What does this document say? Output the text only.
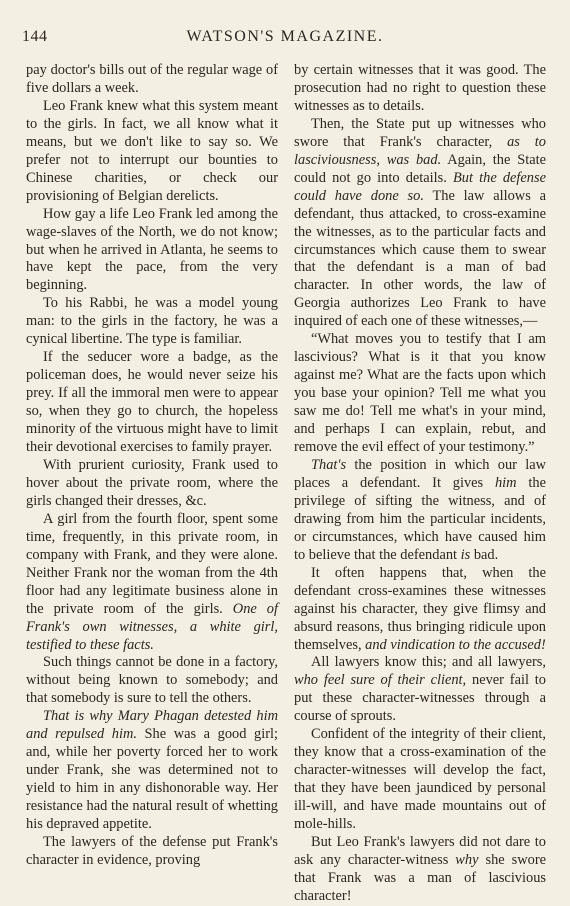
144	WATSON'S MAGAZINE.

pay doctor's bills out of the regular wage of five dollars a week.

Leo Frank knew what this system meant to the girls. In fact, we all know what it means, but we don't like to say so. We prefer not to interrupt our bounties to Chinese charities, or check our provisioning of Belgian derelicts.

How gay a life Leo Frank led among the wage-slaves of the North, we do not know; but when he arrived in Atlanta, he seems to have kept the pace, from the very beginning.

To his Rabbi, he was a model young man: to the girls in the factory, he was a cynical libertine. The type is familiar.

If the seducer wore a badge, as the policeman does, he would never seize his prey. If all the immoral men were to appear so, when they go to church, the hopeless minority of the virtuous might have to limit their devotional exercises to family prayer.

With prurient curiosity, Frank used to hover about the private room, where the girls changed their dresses, &c.

A girl from the fourth floor, spent some time, frequently, in this private room, in company with Frank, and they were alone. Neither Frank nor the woman from the 4th floor had any legitimate business alone in the private room of the girls. One of Frank's own witnesses, a white girl, testified to these facts.

Such things cannot be done in a factory, without being known to somebody; and that somebody is sure to tell the others.

That is why Mary Phagan detested him and repulsed him. She was a good girl; and, while her poverty forced her to work under Frank, she was determined not to yield to him in any dishonorable way. Her resistance had the natural result of whetting his depraved appetite.

The lawyers of the defense put Frank's character in evidence, proving

by certain witnesses that it was good. The prosecution had no right to question these witnesses as to details.

Then, the State put up witnesses who swore that Frank's character, as to lasciviousness, was bad. Again, the State could not go into details. But the defense could have done so. The law allows a defendant, thus attacked, to cross-examine the witnesses, as to the particular facts and circumstances which cause them to swear that the defendant is a man of bad character. In other words, the law of Georgia authorizes Leo Frank to have inquired of each one of these witnesses,—

“What moves you to testify that I am lascivious? What is it that you know against me? What are the facts upon which you base your opinion? Tell me what you saw me do! Tell me what's in your mind, and perhaps I can explain, rebut, and remove the evil effect of your testimony.”

That's the position in which our law places a defendant. It gives him the privilege of sifting the witness, and of drawing from him the particular incidents, or circumstances, which have caused him to believe that the defendant is bad.

It often happens that, when the defendant cross-examines these witnesses against his character, they give flimsy and absurd reasons, thus bringing ridicule upon themselves, and vindication to the accused!

All lawyers know this; and all lawyers, who feel sure of their client, never fail to put these character-witnesses through a course of sprouts.

Confident of the integrity of their client, they know that a cross-examination of the character-witnesses will develop the fact, that they have been jaundiced by personal ill-will, and have made mountains out of mole-hills.

But Leo Frank's lawyers did not dare to ask any character-witness why she swore that Frank was a man of lascivious character!
